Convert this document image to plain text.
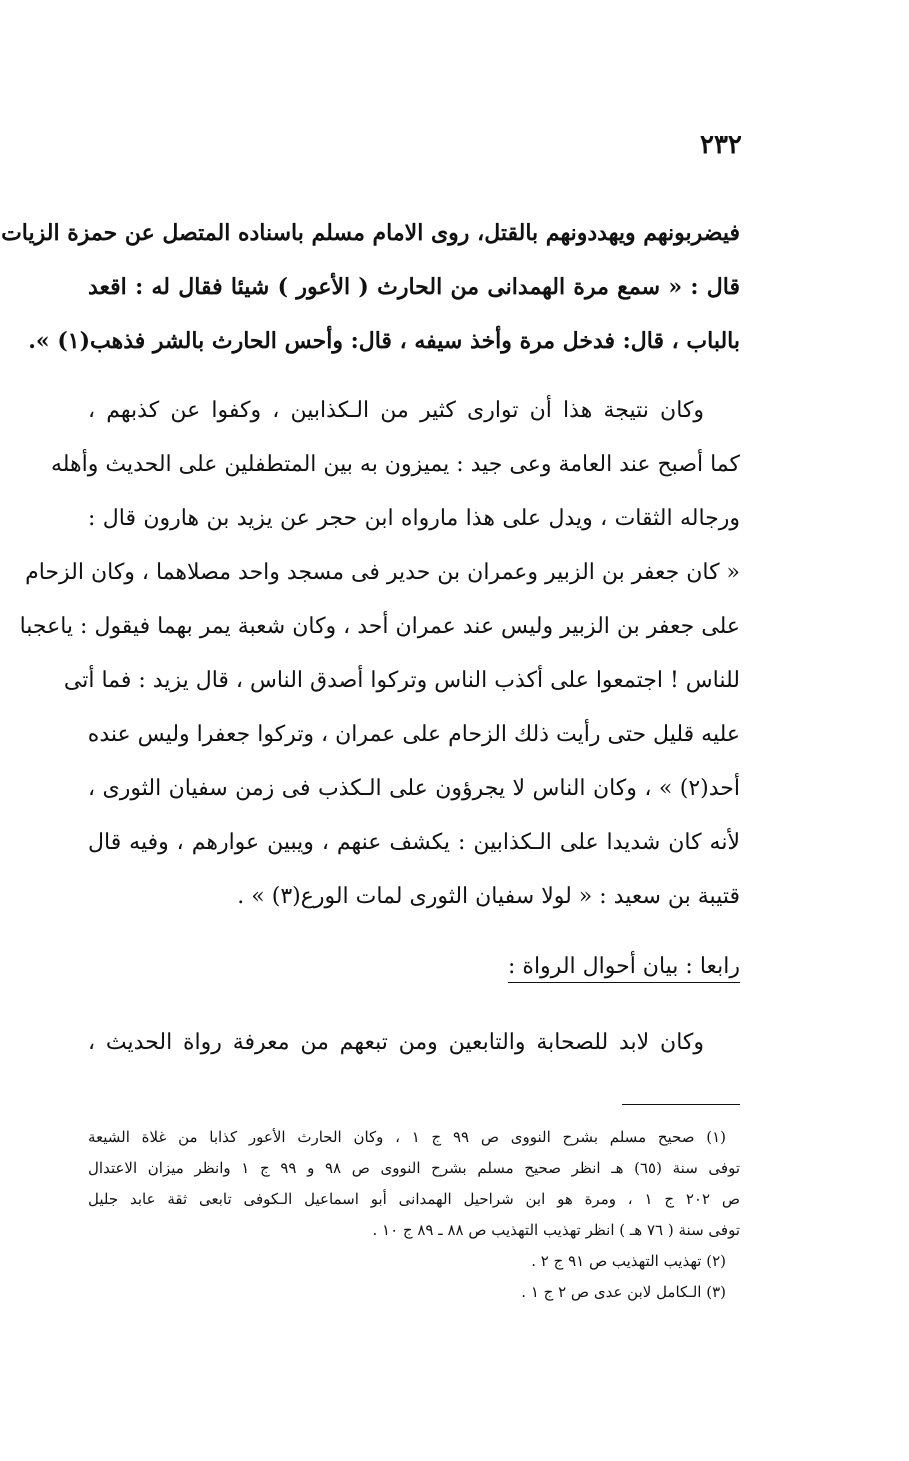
٢٣٢
فيضربونهم ويهددونهم بالقتل، روى الامام مسلم باسناده المتصل عن حمزة الزيات
قال : « سمع مرة الهمدانى من الحارث ( الأعور ) شيئا فقال له : اقعد
بالباب ، قال: فدخل مرة وأخذ سيفه ، قال: وأحس الحارث بالشر فذهب(١) ».
وكان نتيجة هذا أن توارى كثير من الـكذابين ، وكفوا عن كذبهم ،
كما أصبح عند العامة وعى جيد : يميزون به بين المتطفلين على الحديث وأهله
ورجاله الثقات ، ويدل على هذا مارواه ابن حجر عن يزيد بن هارون قال :
« كان جعفر بن الزبير وعمران بن حدير فى مسجد واحد مصلاهما ، وكان الزحام
على جعفر بن الزبير وليس عند عمران أحد ، وكان شعبة يمر بهما فيقول : ياعجبا
للناس ! اجتمعوا على أكذب الناس وتركوا أصدق الناس ، قال يزيد : فما أتى
عليه قليل حتى رأيت ذلك الزحام على عمران ، وتركوا جعفرا وليس عنده
أحد(٢) » ، وكان الناس لا يجرؤون على الـكذب فى زمن سفيان الثورى ،
لأنه كان شديدا على الـكذابين : يكشف عنهم ، ويبين عوارهم ، وفيه قال
قتيبة بن سعيد : « لولا سفيان الثورى لمات الورع(٣) » .
رابعا : بيان أحوال الرواة :
وكان لابد للصحابة والتابعين ومن تبعهم من معرفة رواة الحديث ،
(١) صحيح مسلم بشرح النووى ص ٩٩ ج ١ ، وكان الحارث الأعور كذابا من غلاة الشيعة
توفى سنة (٦٥) هـ انظر صحيح مسلم بشرح النووى ص ٩٨ و ٩٩ ج ١ وانظر ميزان الاعتدال
ص ٢٠٢ ج ١ ، ومرة هو ابن شراحيل الهمدانى أبو اسماعيل الـكوفى تابعى ثقة عابد جليل
توفى سنة ( ٧٦ هـ ) انظر تهذيب التهذيب ص ٨٨ ـ ٨٩ ج ١٠ .
(٢) تهذيب التهذيب ص ٩١ ج ٢ .
(٣) الـكامل لابن عدى ص ٢ ج ١ .
